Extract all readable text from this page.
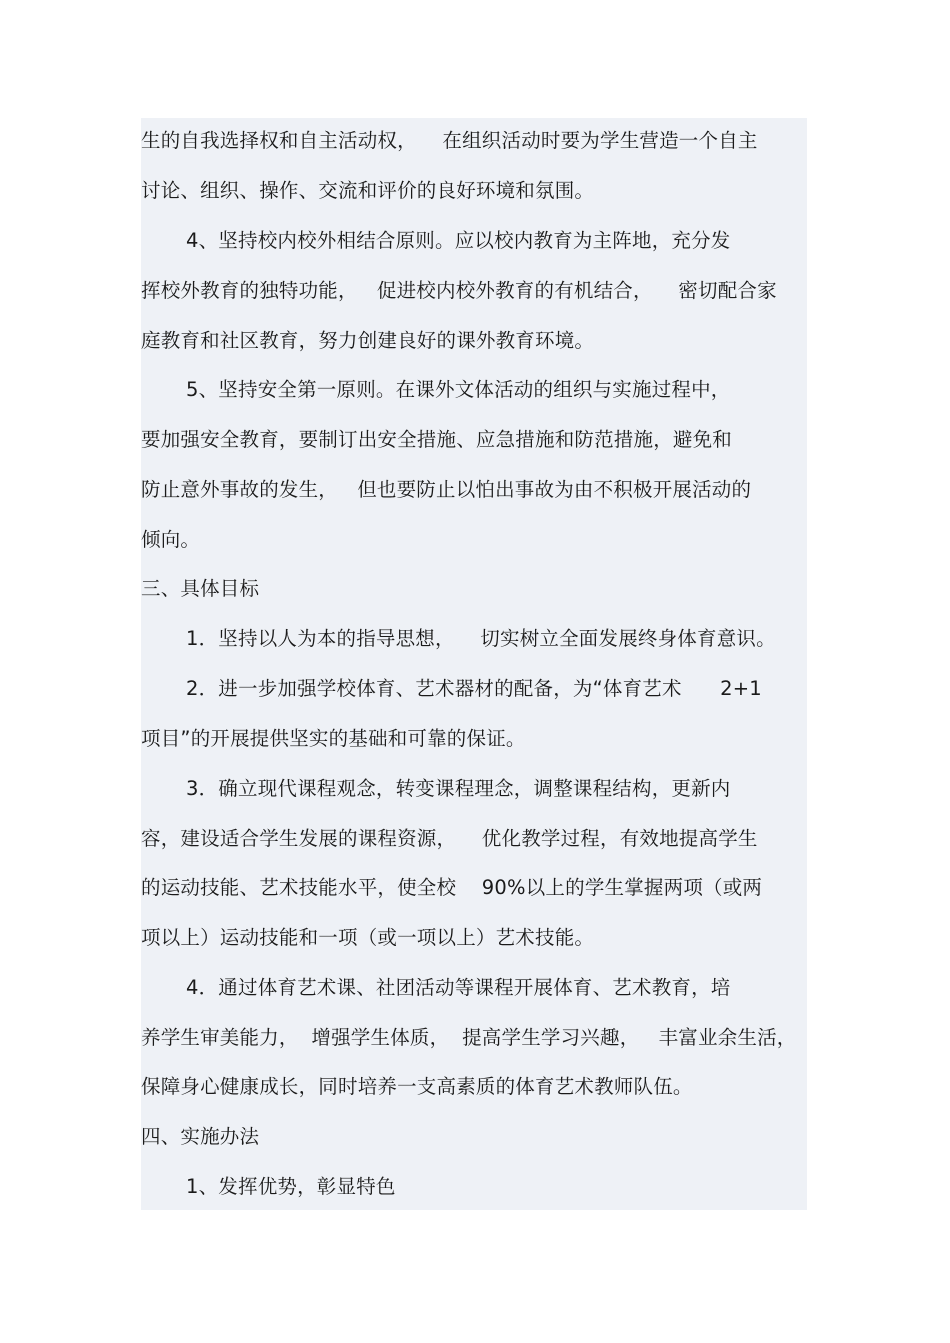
生的自我选择权和自主活动权，    在组织活动时要为学生营造一个自主
讨论、组织、操作、交流和评价的良好环境和氛围。
4、坚持校内校外相结合原则。应以校内教育为主阵地，充分发
挥校外教育的独特功能，   促进校内校外教育的有机结合，    密切配合家
庭教育和社区教育，努力创建良好的课外教育环境。
5、坚持安全第一原则。在课外文体活动的组织与实施过程中，
要加强安全教育，要制订出安全措施、应急措施和防范措施，避免和
防止意外事故的发生，   但也要防止以怕出事故为由不积极开展活动的
倾向。
三、具体目标
1．坚持以人为本的指导思想，    切实树立全面发展终身体育意识。
2．进一步加强学校体育、艺术器材的配备，为“体育艺术      2+1
项目”的开展提供坚实的基础和可靠的保证。
3．确立现代课程观念，转变课程理念，调整课程结构，更新内
容，建设适合学生发展的课程资源，    优化教学过程，有效地提高学生
的运动技能、艺术技能水平，使全校    90%以上的学生掌握两项（或两
项以上）运动技能和一项（或一项以上）艺术技能。
4．通过体育艺术课、社团活动等课程开展体育、艺术教育，培
养学生审美能力，  增强学生体质，  提高学生学习兴趣，   丰富业余生活，
保障身心健康成长，同时培养一支高素质的体育艺术教师队伍。
四、实施办法
1、发挥优势，彰显特色
